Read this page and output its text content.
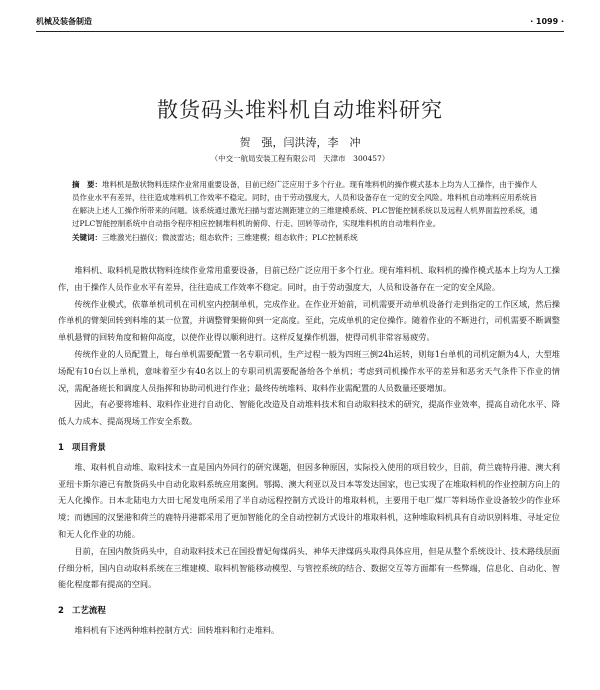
机械及装备制造	· 1099 ·
散货码头堆料机自动堆料研究
贺　强，闫洪涛，李　冲
（中交一航局安装工程有限公司　天津市　300457）
摘　要：堆料机是散状物料连续作业常用重要设备，目前已经广泛应用于多个行业。现有堆料机的操作模式基本上均为人工操作，由于操作人员作业水平有差异，往往造成堆料机工作效率不稳定。同时，由于劳动强度大，人员和设备存在一定的安全风险。堆料机自动堆料应用系统旨在解决上述人工操作所带来的问题。该系统通过激光扫描与雷达测距建立的三维建模系统、PLC智能控制系统以及远程人机界面监控系统，通过PLC智能控制系统中自动指令程序相应控制堆料机的俯仰、行走、回转等动作，实现堆料机的自动堆料作业。
关键词：三维激光扫描仪；微波雷达；组态软件；三维建模；组态软件；PLC控制系统

堆料机、取料机是散状物料连续作业常用重要设备，目前已经广泛应用于多个行业。现有堆料机、取料机的操作模式基本上均为人工操作，由于操作人员作业水平有差异，往往造成工作效率不稳定。同时，由于劳动强度大，人员和设备存在一定的安全风险。

传统作业模式，依靠单机司机在司机室内控制单机，完成作业。在作业开始前，司机需要开动单机设备行走到指定的工作区域，然后操作单机的臂架回转到料堆的某一位置，并调整臂架俯仰到一定高度。至此，完成单机的定位操作。随着作业的不断进行，司机需要不断调整单机悬臂的回转角度和俯仰高度，以使作业得以顺利进行。这样反复操作机器，使得司机非常容易疲劳。

传统作业的人员配置上，每台单机需要配置一名专职司机，生产过程一般为四班三倒24h运转，则每1台单机的司机定额为4人，大型堆场配有10台以上单机，意味着至少有40名以上的专职司机需要配备给各个单机；考虑到司机操作水平的差异和恶劣天气条件下作业的情况，需配备班长和调度人员指挥和协助司机进行作业；最终传统堆料、取料作业需配置的人员数量还要增加。

因此，有必要将堆料、取料作业进行自动化、智能化改造及自动堆料技术和自动取料技术的研究，提高作业效率，提高自动化水平、降低人力成本、提高现场工作安全系数。

1 项目背景

堆、取料机自动堆、取料技术一直是国内外同行的研究课题，但因多种原因，实际投入使用的项目较少，目前，荷兰鹿特丹港、澳大利亚纽卡斯尔港已有散货码头中自动化取料系统应用案例。鄂揭、澳大利亚以及日本等发达国家，也已实现了在堆取料机的作业控制方向上的无人化操作。日本北陆电力大田七尾发电所采用了半自动远程控制方式设计的堆取料机，主要用于电厂煤厂等料场作业设备较少的作业环境；而德国的汉堡港和荷兰的鹿特丹港都采用了更加智能化的全自动控制方式设计的堆取料机，这种堆取料机具有自动识别料堆、寻址定位和无人化作业的功能。

目前，在国内散货码头中，自动取料技术已在国投曹妃甸煤码头、神华天津煤码头取得具体应用，但是从整个系统设计、技术路线层面仔细分析，国内自动取料系统在三维建模、取料机智能移动模型、与管控系统的结合、数据交互等方面都有一些弊端，信息化、自动化、智能化程度都有提高的空间。

2 工艺流程

堆料机有下述两种堆料控制方式：回转堆料和行走堆料。
